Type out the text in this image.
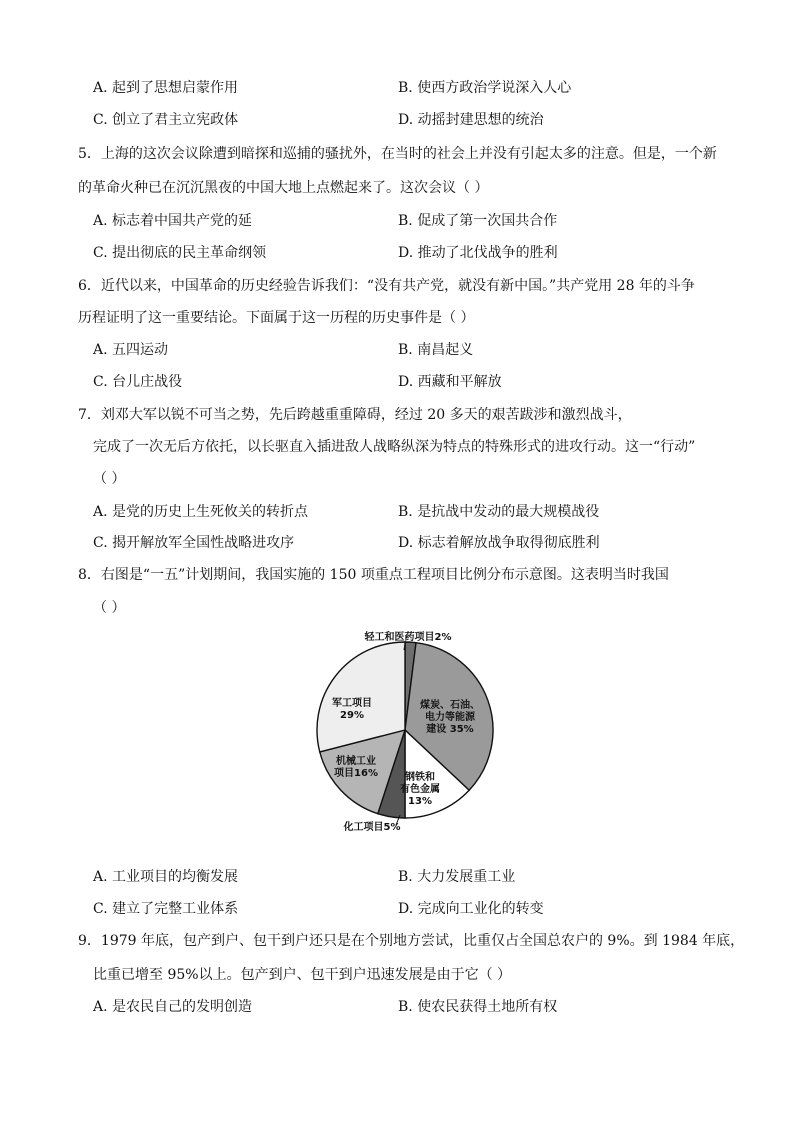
A. 起到了思想启蒙作用	B. 使西方政治学说深入人心
C. 创立了君主立宪政体	D. 动摇封建思想的统治
5．上海的这次会议除遭到暗探和巡捕的骚扰外，在当时的社会上并没有引起太多的注意。但是，一个新
的革命火种已在沉沉黑夜的中国大地上点燃起来了。这次会议（ ）
A. 标志着中国共产党的延	B. 促成了第一次国共合作
C. 提出彻底的民主革命纲领	D. 推动了北伐战争的胜利
6．近代以来，中国革命的历史经验告诉我们：“没有共产党，就没有新中国。”共产党用 28 年的斗争
历程证明了这一重要结论。下面属于这一历程的历史事件是（ ）
A. 五四运动	B. 南昌起义
C. 台儿庄战役	D. 西藏和平解放
7．刘邓大军以锐不可当之势，先后跨越重重障碍，经过 20 多天的艰苦跋涉和激烈战斗，
完成了一次无后方依托，以长驱直入插进敌人战略纵深为特点的特殊形式的进攻行动。这一“行动”
（ ）
A. 是党的历史上生死攸关的转折点	B. 是抗战中发动的最大规模战役
C. 揭开解放军全国性战略进攻序	D. 标志着解放战争取得彻底胜利
8．右图是“一五”计划期间，我国实施的 150 项重点工程项目比例分布示意图。这表明当时我国
（ ）
轻工和医药项目2%
煤炭、石油、
电力等能源
建设 35%
钢铁和
有色金属
13%
化工项目5%
机械工业
项目16%
军工项目
29%
A. 工业项目的均衡发展	B. 大力发展重工业
C. 建立了完整工业体系	D. 完成向工业化的转变
9．1979 年底，包产到户、包干到户还只是在个别地方尝试，比重仅占全国总农户的 9%。到 1984 年底，
比重已增至 95%以上。包产到户、包干到户迅速发展是由于它（ ）
A. 是农民自己的发明创造	B. 使农民获得土地所有权
